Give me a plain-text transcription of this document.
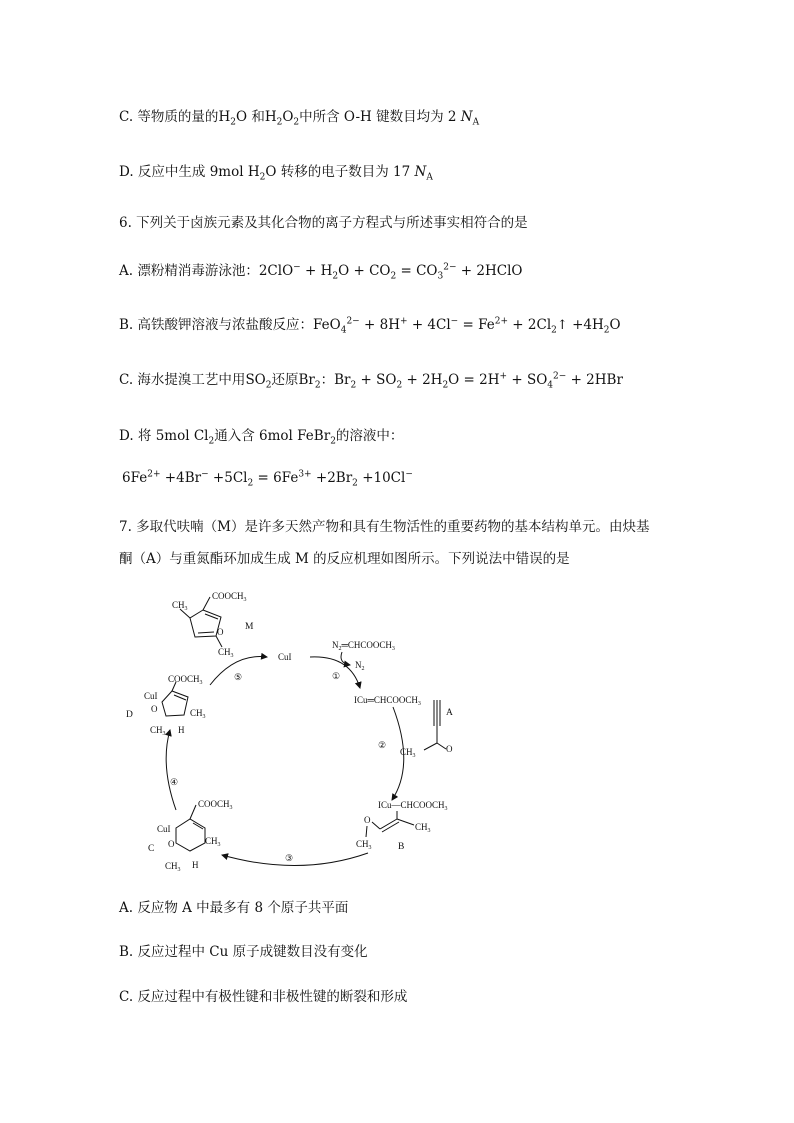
C. 等物质的量的$H_2O$ 和$H_2O_2$中所含 O-H 键数目均为 2 $N_A$
D. 反应中生成 9mol $H_2O$ 转移的电子数目为 17 $N_A$
6. 下列关于卤族元素及其化合物的离子方程式与所述事实相符合的是
A. 漂粉精消毒游泳池：$2ClO^- + H_2O + CO_2 = CO_3^{2-}$ + 2HClO
B. 高铁酸钾溶液与浓盐酸反应：$FeO_4^{2-} + 8H^+ + 4Cl^- = Fe^{2+}$ + $2Cl_2↑ +4H_2O$
C. 海水提溴工艺中用$SO_2$还原$Br_2$：$Br_2 + SO_2 + 2H_2O = 2H^+ + SO_4^{2-} + 2HBr$
D. 将 5mol $Cl_2$通入含 6mol FeBr$_2$的溶液中：
$6Fe^{2+} +4Br^- +5Cl_2 = 6Fe^{3+} +2Br_2 +10Cl^-$
7. 多取代呋喃（M）是许多天然产物和具有生物活性的重要药物的基本结构单元。由炔基
酮（A）与重氮酯环加成生成 M 的反应机理如图所示。下列说法中错误的是
$COOCH_3$
$CH_3$
O
$CH_3$
M
CuI
⑤	①
$N_2═CHCOOCH_3$
$N_2$
$ICu═CHCOOCH_3$
②
$CH_3$
O
A
$ICu—CHCOOCH_3$
O
$CH_3$
$CH_3$
B
③
CuI
$COOCH_3$
$CH_3$
O
$CH_3$ H
C
④
CuI
$COOCH_3$
$CH_3$
O
$CH_3$ H
D
A. 反应物 A 中最多有 8 个原子共平面
B. 反应过程中 Cu 原子成键数目没有变化
C. 反应过程中有极性键和非极性键的断裂和形成
